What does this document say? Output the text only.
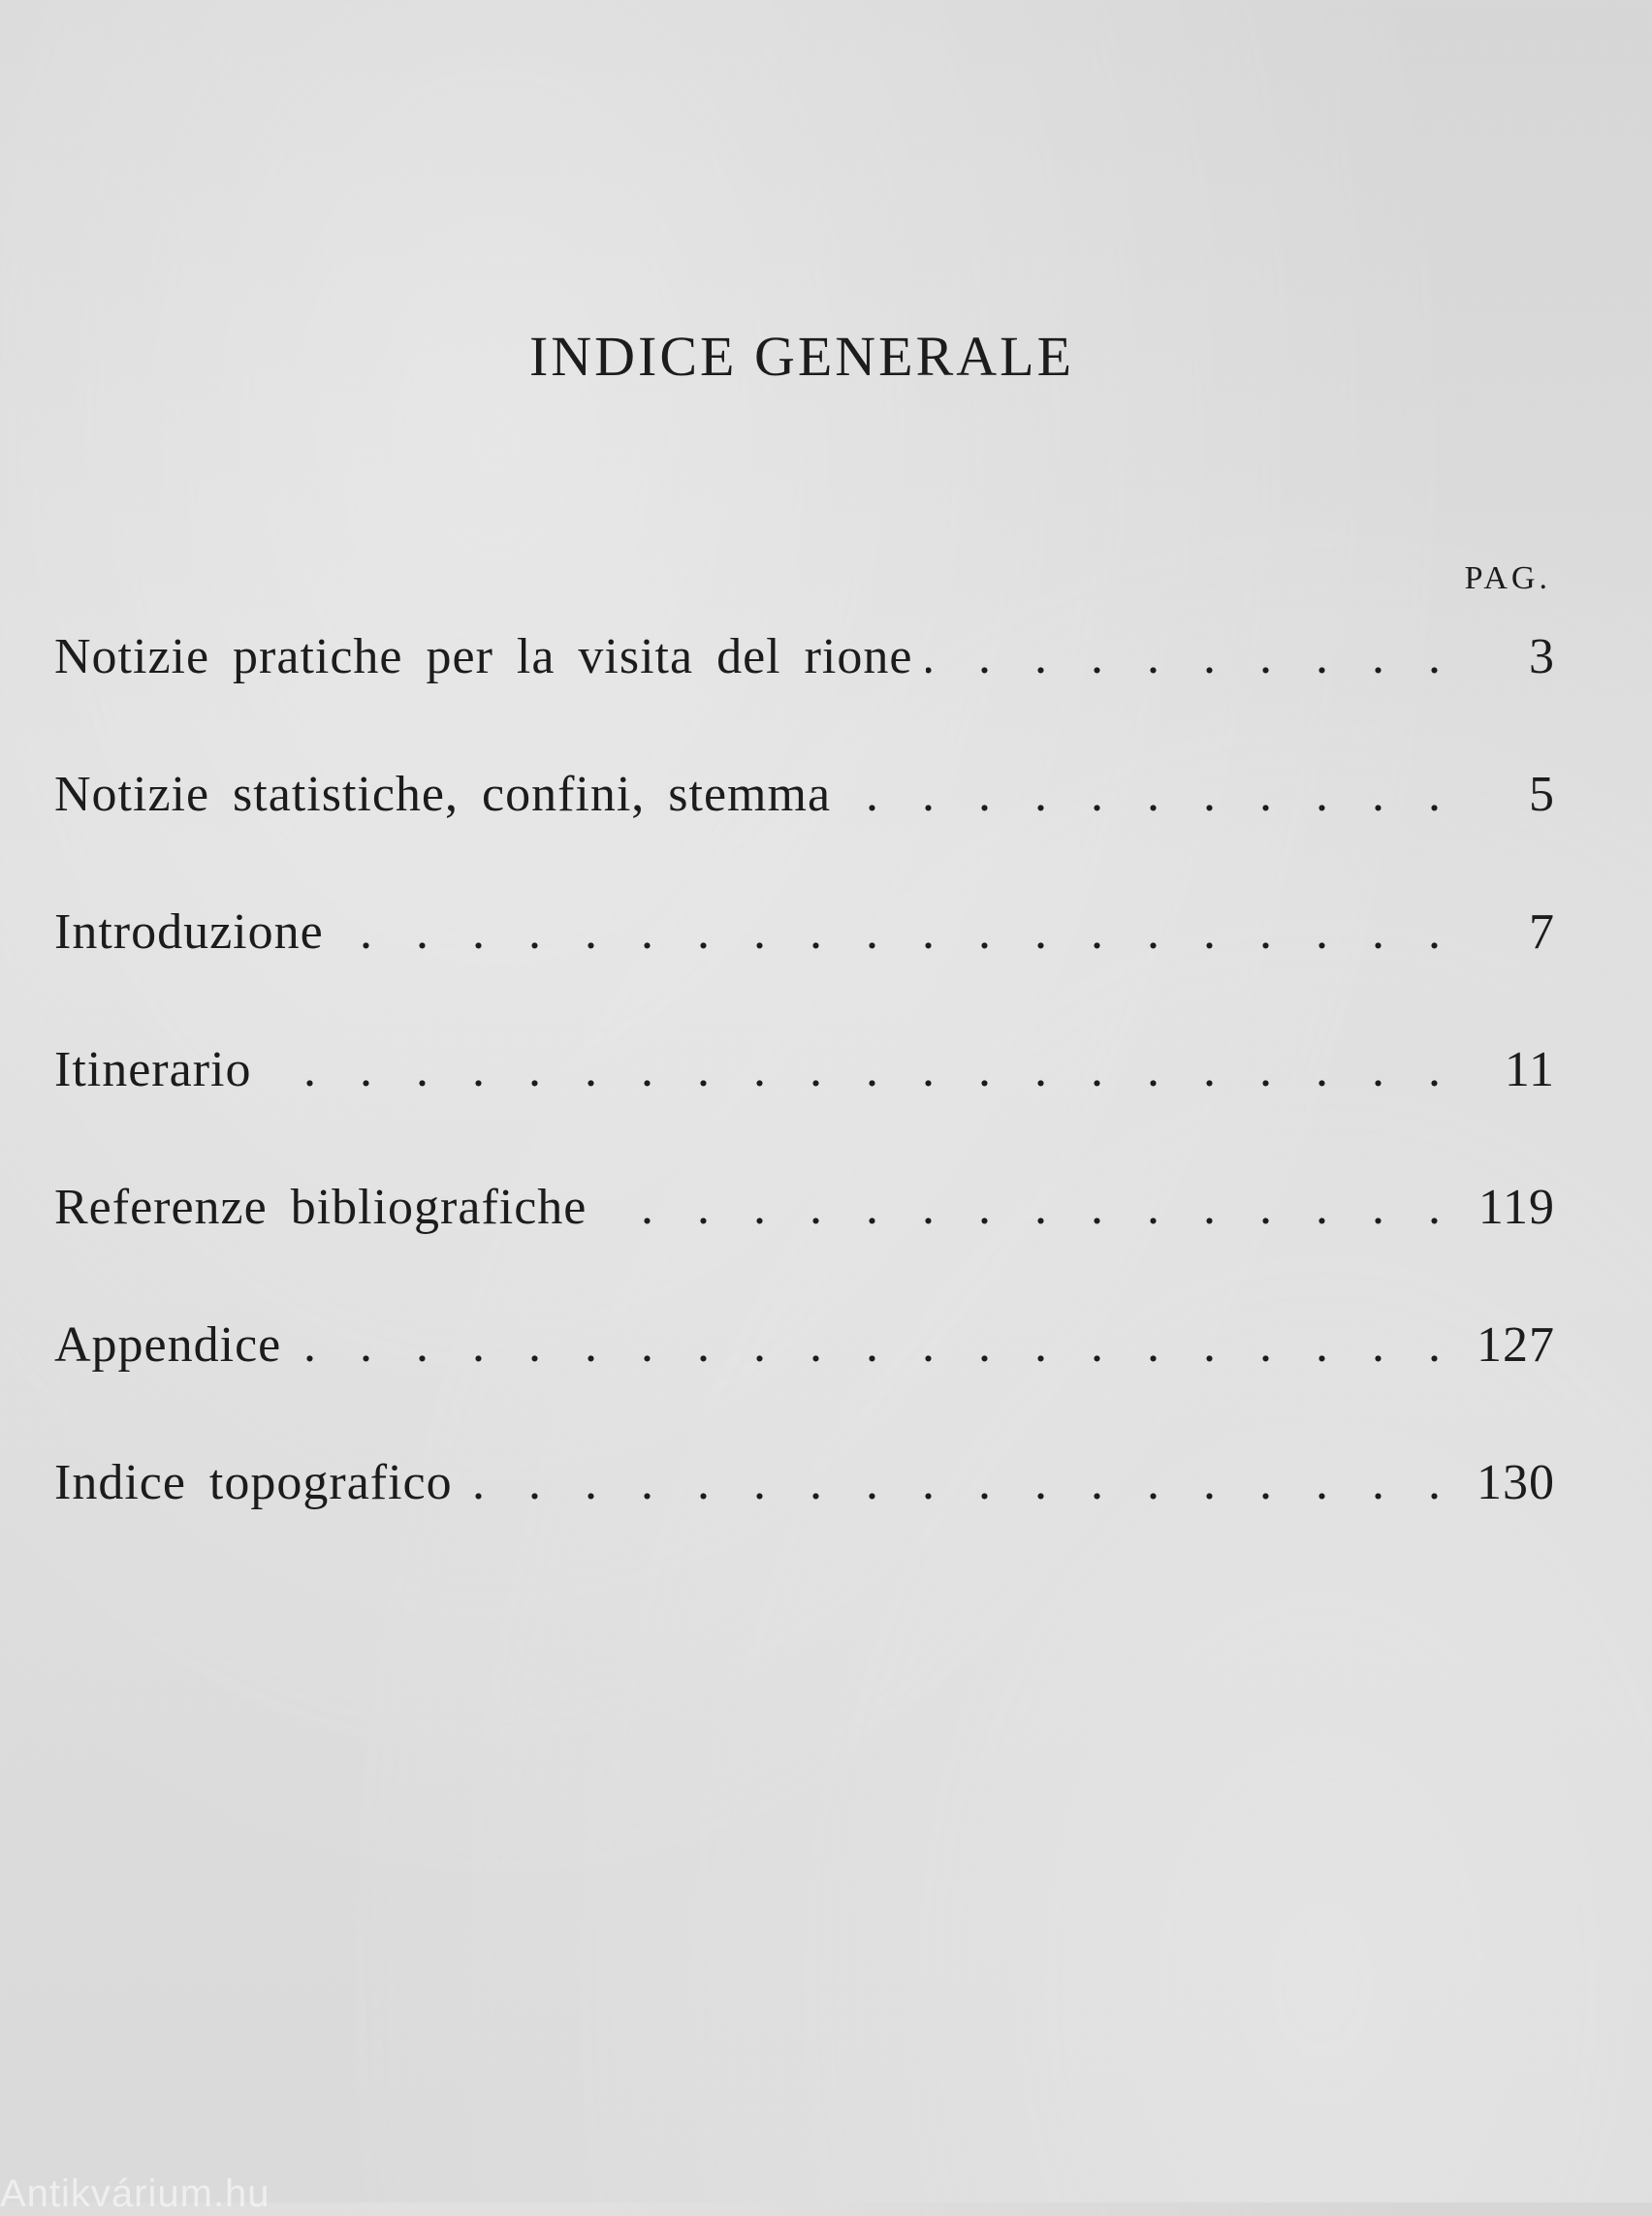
INDICE GENERALE
PAG.
Notizie pratiche per la visita del rione . . .	3
Notizie statistiche, confini, stemma . . .	5
Introduzione . . .	7
Itinerario . . .	11
Referenze bibliografiche . . .	119
Appendice . . .	127
Indice topografico . . .	130
Antikvárium.hu
